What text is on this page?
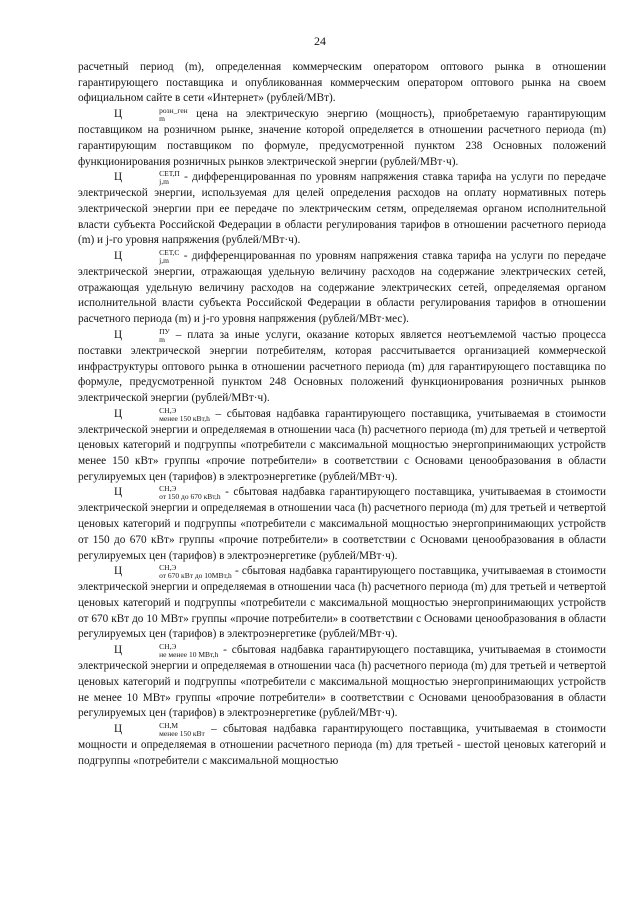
24

расчетный период (m), определенная коммерческим оператором оптового рынка в отношении гарантирующего поставщика и опубликованная коммерческим оператором оптового рынка на своем официальном сайте в сети «Интернет» (рублей/МВт).

Ц	розн_ген
m	цена на электрическую энергию (мощность), приобретаемую гарантирующим поставщиком на розничном рынке, значение которой определяется в отношении расчетного периода (m) гарантирующим поставщиком по формуле, предусмотренной пунктом 238 Основных положений функционирования розничных рынков электрической энергии (рублей/МВт·ч).

Ц	СЕТ,П
j,m - дифференцированная по уровням напряжения ставка тарифа на услуги по передаче электрической энергии, используемая для целей определения расходов на оплату нормативных потерь электрической энергии при ее передаче по электрическим сетям, определяемая органом исполнительной власти субъекта Российской Федерации в области регулирования тарифов в отношении расчетного периода (m) и j-го уровня напряжения (рублей/МВт·ч).

Ц	СЕТ,С
j,m - дифференцированная по уровням напряжения ставка тарифа на услуги по передаче электрической энергии, отражающая удельную величину расходов на содержание электрических сетей, отражающая удельную величину расходов на содержание электрических сетей, определяемая органом исполнительной власти субъекта Российской Федерации в области регулирования тарифов в отношении расчетного периода (m) и j-го уровня напряжения (рублей/МВт·мес).

Ц	ПУ
m – плата за иные услуги, оказание которых является неотъемлемой частью процесса поставки электрической энергии потребителям, которая рассчитывается организацией коммерческой инфраструктуры оптового рынка в отношении расчетного периода (m) для гарантирующего поставщика по формуле, предусмотренной пунктом 248 Основных положений функционирования розничных рынков электрической энергии (рублей/МВт·ч).

Ц	СН,Э
менее 150 кВт,h – сбытовая надбавка гарантирующего поставщика, учитываемая в стоимости электрической энергии и определяемая в отношении часа (h) расчетного периода (m) для третьей и четвертой ценовых категорий и подгруппы «потребители с максимальной мощностью энергопринимающих устройств менее 150 кВт» группы «прочие потребители» в соответствии с Основами ценообразования в области регулируемых цен (тарифов) в электроэнергетике (рублей/МВт·ч).

Ц	СН,Э
от 150 до 670 кВт,h - сбытовая надбавка гарантирующего поставщика, учитываемая в стоимости электрической энергии и определяемая в отношении часа (h) расчетного периода (m) для третьей и четвертой ценовых категорий и подгруппы «потребители с максимальной мощностью энергопринимающих устройств от 150 до 670 кВт» группы «прочие потребители» в соответствии с Основами ценообразования в области регулируемых цен (тарифов) в электроэнергетике (рублей/МВт·ч).

Ц	СН,Э
от 670 кВт до 10МВт,h - сбытовая надбавка гарантирующего поставщика, учитываемая в стоимости электрической энергии и определяемая в отношении часа (h) расчетного периода (m) для третьей и четвертой ценовых категорий и подгруппы «потребители с максимальной мощностью энергопринимающих устройств от 670 кВт до 10 МВт» группы «прочие потребители» в соответствии с Основами ценообразования в области регулируемых цен (тарифов) в электроэнергетике (рублей/МВт·ч).

Ц	СН,Э
не менее 10 МВт,h - сбытовая надбавка гарантирующего поставщика, учитываемая в стоимости электрической энергии и определяемая в отношении часа (h) расчетного периода (m) для третьей и четвертой ценовых категорий и подгруппы «потребители с максимальной мощностью энергопринимающих устройств не менее 10 МВт» группы «прочие потребители» в соответствии с Основами ценообразования в области регулируемых цен (тарифов) в электроэнергетике (рублей/МВт·ч).

Ц	СН,М
менее 150 кВт – сбытовая надбавка гарантирующего поставщика, учитываемая в стоимости мощности и определяемая в отношении расчетного периода (m) для третьей - шестой ценовых категорий и подгруппы «потребители с максимальной мощностью
